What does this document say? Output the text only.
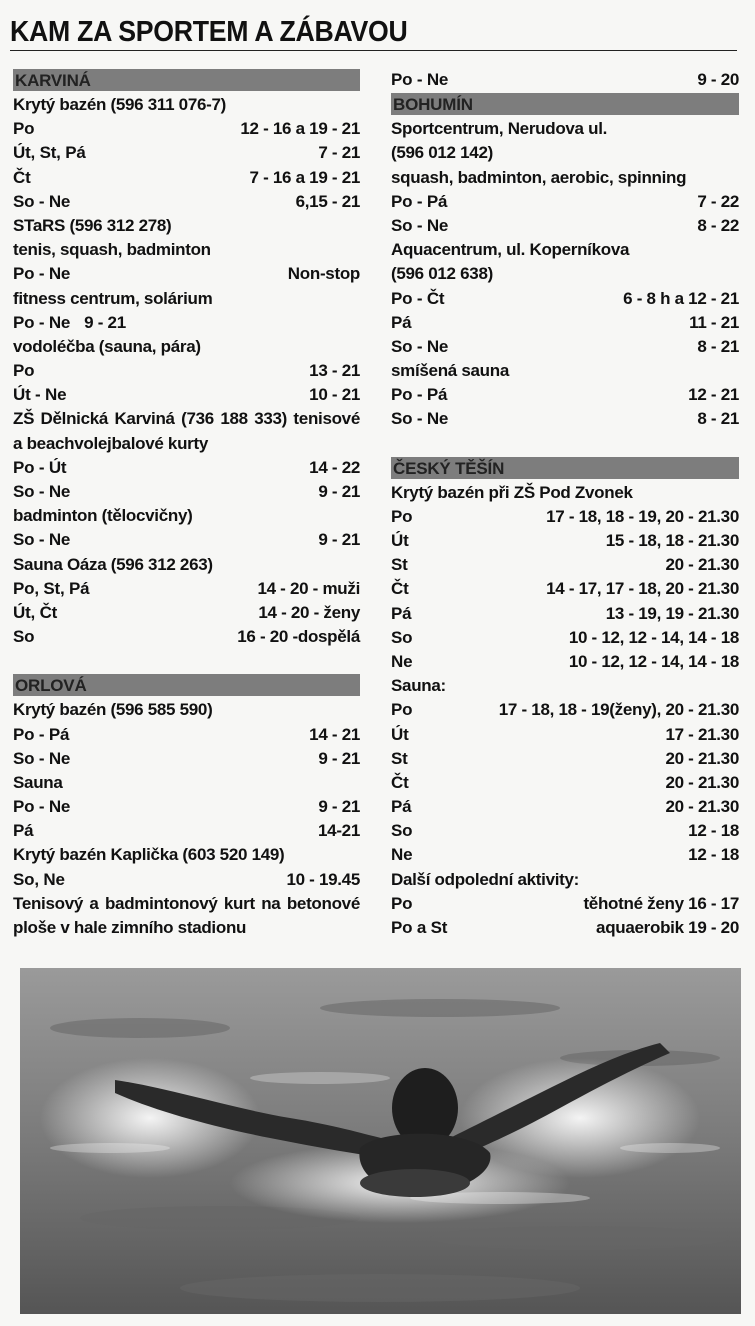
KAM ZA SPORTEM A ZÁBAVOU
KARVINÁ
Krytý bazén (596 311 076-7)
Po	12 - 16 a 19 - 21
Út, St, Pá	7 - 21
Čt	7 - 16 a 19 - 21
So - Ne	6,15 - 21
STaRS (596 312 278)
tenis, squash, badminton
Po - Ne	Non-stop
fitness centrum, solárium
Po - Ne 9 - 21
vodoléčba (sauna, pára)
Po	13 - 21
Út - Ne	10 - 21
ZŠ Dělnická Karviná (736 188 333) tenisové a beachvolejbalové kurty
Po - Út	14 - 22
So - Ne	9 - 21
badminton (tělocvičny)
So - Ne	9 - 21
Sauna Oáza (596 312 263)
Po, St, Pá	14 - 20 - muži
Út, Čt	14 - 20 - ženy
So	16 - 20 -dospělá
ORLOVÁ
Krytý bazén (596 585 590)
Po - Pá	14 - 21
So - Ne	9 - 21
Sauna
Po - Ne	9 - 21
Pá	14-21
Krytý bazén Kaplička (603 520 149)
So, Ne	10 - 19.45
Tenisový a badmintonový kurt na betonové ploše v hale zimního stadionu
Po - Ne	9 - 20
BOHUMÍN
Sportcentrum, Nerudova ul.
(596 012 142)
squash, badminton, aerobic, spinning
Po - Pá	7 - 22
So - Ne	8 - 22
Aquacentrum, ul. Koperníkova
(596 012 638)
Po - Čt	6 - 8 h a 12 - 21
Pá	11 - 21
So - Ne	8 - 21
smíšená sauna
Po - Pá	12 - 21
So - Ne	8 - 21
ČESKÝ TĚŠÍN
Krytý bazén při ZŠ Pod Zvonek
Po	17 - 18, 18 - 19, 20 - 21.30
Út	15 - 18, 18 - 21.30
St	20 - 21.30
Čt	14 - 17, 17 - 18, 20 - 21.30
Pá	13 - 19, 19 - 21.30
So	10 - 12, 12 - 14, 14 - 18
Ne	10 - 12, 12 - 14, 14 - 18
Sauna:
Po	17 - 18, 18 - 19(ženy), 20 - 21.30
Út	17 - 21.30
St	20 - 21.30
Čt	20 - 21.30
Pá	20 - 21.30
So	12 - 18
Ne	12 - 18
Další odpolední aktivity:
Po	těhotné ženy 16 - 17
Po a St	aquaerobik 19 - 20
